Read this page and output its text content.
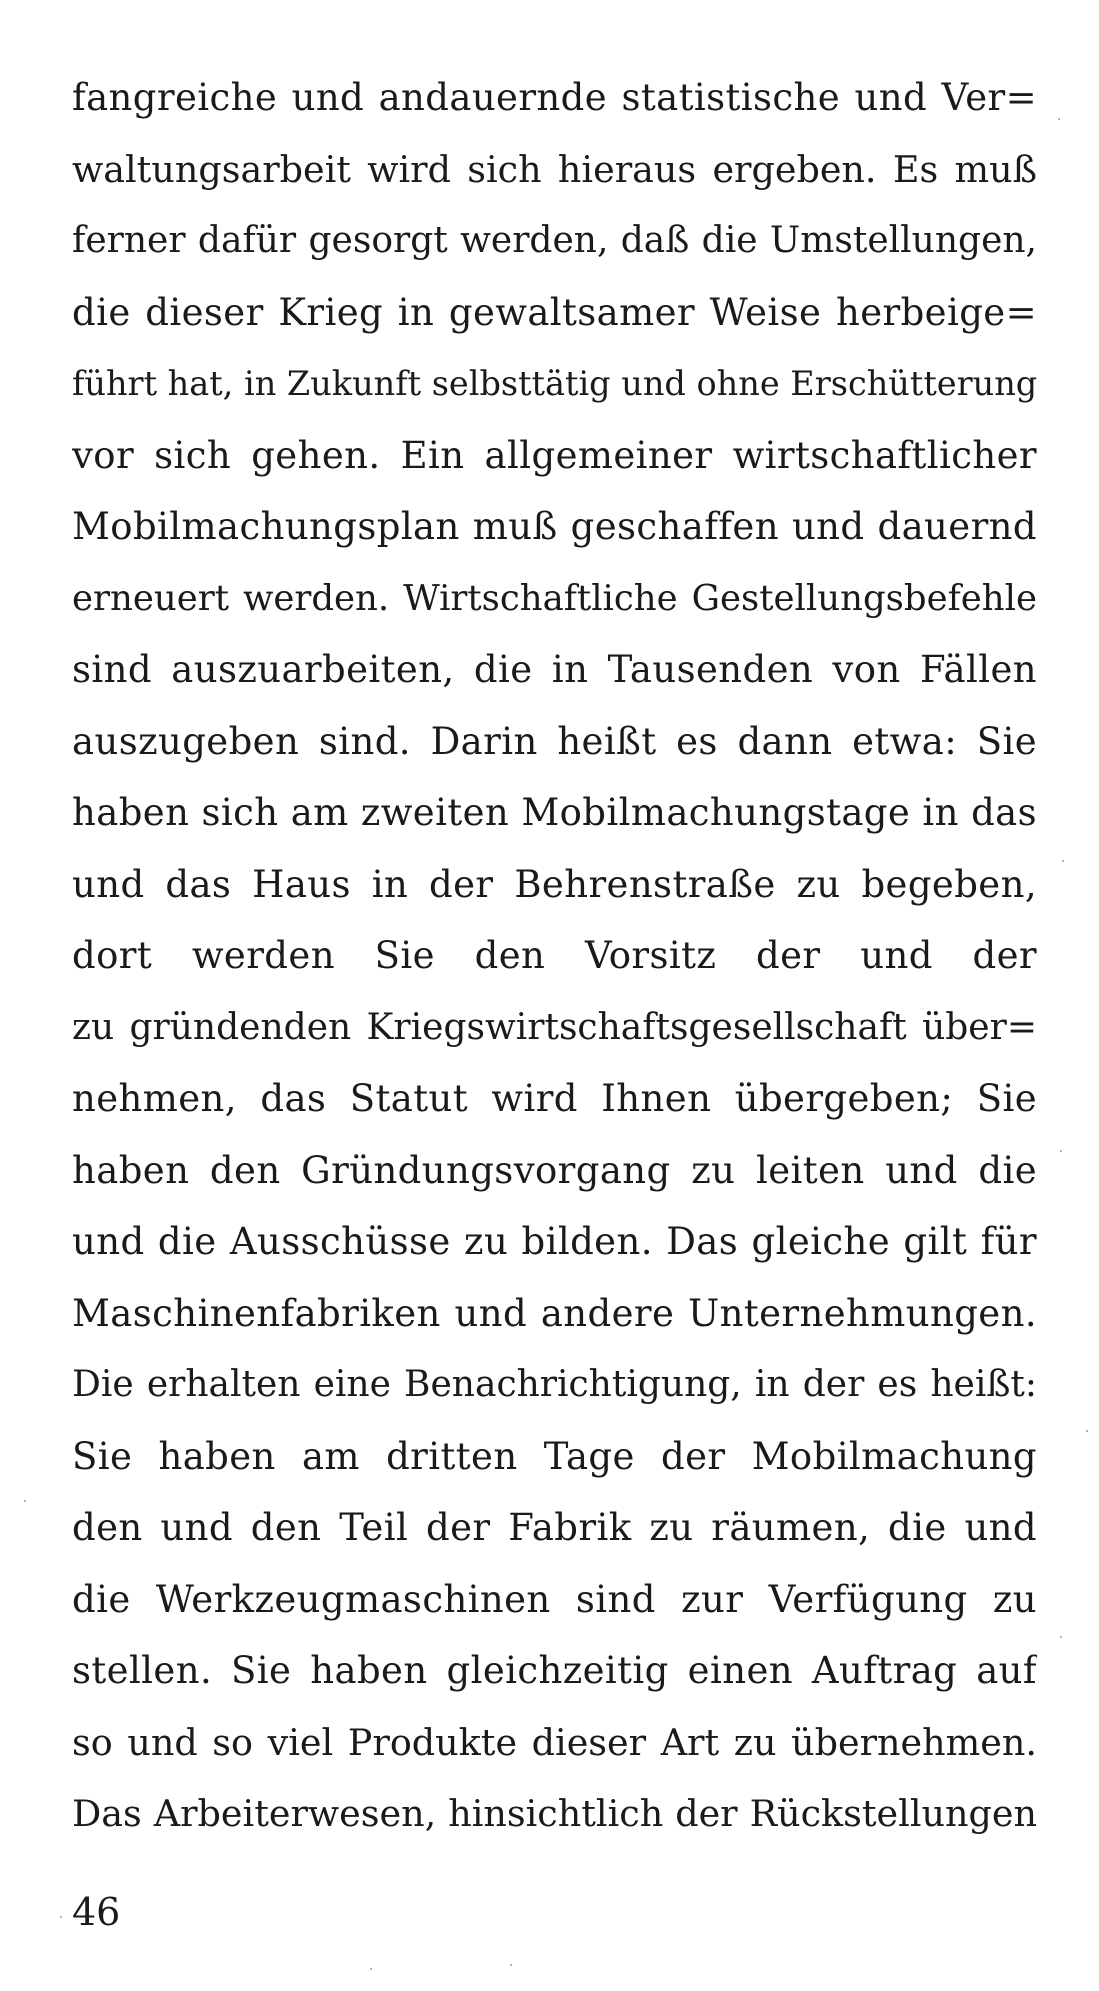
fangreiche und andauernde statistische und Ver=
waltungsarbeit wird sich hieraus ergeben. Es muß
ferner dafür gesorgt werden, daß die Umstellungen,
die dieser Krieg in gewaltsamer Weise herbeige=
führt hat, in Zukunft selbsttätig und ohne Erschütterung
vor sich gehen. Ein allgemeiner wirtschaftlicher
Mobilmachungsplan muß geschaffen und dauernd
erneuert werden. Wirtschaftliche Gestellungsbefehle
sind auszuarbeiten, die in Tausenden von Fällen
auszugeben sind. Darin heißt es dann etwa: Sie
haben sich am zweiten Mobilmachungstage in das
und das Haus in der Behrenstraße zu begeben,
dort werden Sie den Vorsitz der und der
zu gründenden Kriegswirtschaftsgesellschaft über=
nehmen, das Statut wird Ihnen übergeben; Sie
haben den Gründungsvorgang zu leiten und die
und die Ausschüsse zu bilden. Das gleiche gilt für
Maschinenfabriken und andere Unternehmungen.
Die erhalten eine Benachrichtigung, in der es heißt:
Sie haben am dritten Tage der Mobilmachung
den und den Teil der Fabrik zu räumen, die und
die Werkzeugmaschinen sind zur Verfügung zu
stellen. Sie haben gleichzeitig einen Auftrag auf
so und so viel Produkte dieser Art zu übernehmen.
Das Arbeiterwesen, hinsichtlich der Rückstellungen
46
